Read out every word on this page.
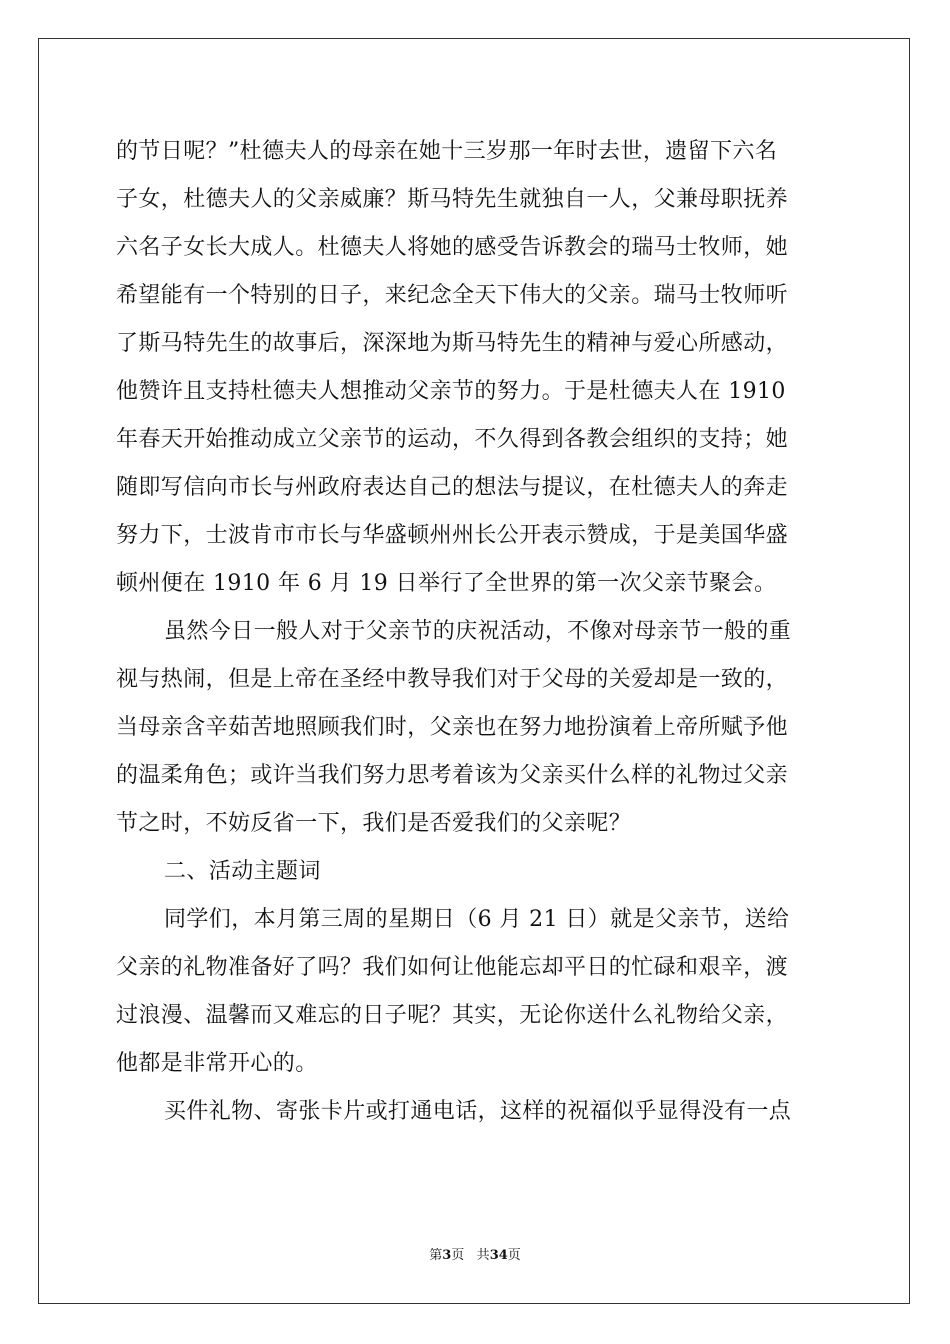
的节日呢？”杜德夫人的母亲在她十三岁那一年时去世，遗留下六名
子女，杜德夫人的父亲威廉？斯马特先生就独自一人，父兼母职抚养
六名子女长大成人。杜德夫人将她的感受告诉教会的瑞马士牧师，她
希望能有一个特别的日子，来纪念全天下伟大的父亲。瑞马士牧师听
了斯马特先生的故事后，深深地为斯马特先生的精神与爱心所感动，
他赞许且支持杜德夫人想推动父亲节的努力。于是杜德夫人在 1910
年春天开始推动成立父亲节的运动，不久得到各教会组织的支持；她
随即写信向市长与州政府表达自己的想法与提议，在杜德夫人的奔走
努力下，士波肯市市长与华盛顿州州长公开表示赞成，于是美国华盛
顿州便在 1910 年 6 月 19 日举行了全世界的第一次父亲节聚会。
虽然今日一般人对于父亲节的庆祝活动，不像对母亲节一般的重
视与热闹，但是上帝在圣经中教导我们对于父母的关爱却是一致的，
当母亲含辛茹苦地照顾我们时，父亲也在努力地扮演着上帝所赋予他
的温柔角色；或许当我们努力思考着该为父亲买什么样的礼物过父亲
节之时，不妨反省一下，我们是否爱我们的父亲呢？
二、活动主题词
同学们，本月第三周的星期日（6 月 21 日）就是父亲节，送给
父亲的礼物准备好了吗？我们如何让他能忘却平日的忙碌和艰辛，渡
过浪漫、温馨而又难忘的日子呢？其实，无论你送什么礼物给父亲，
他都是非常开心的。
买件礼物、寄张卡片或打通电话，这样的祝福似乎显得没有一点
第3页 共34页
